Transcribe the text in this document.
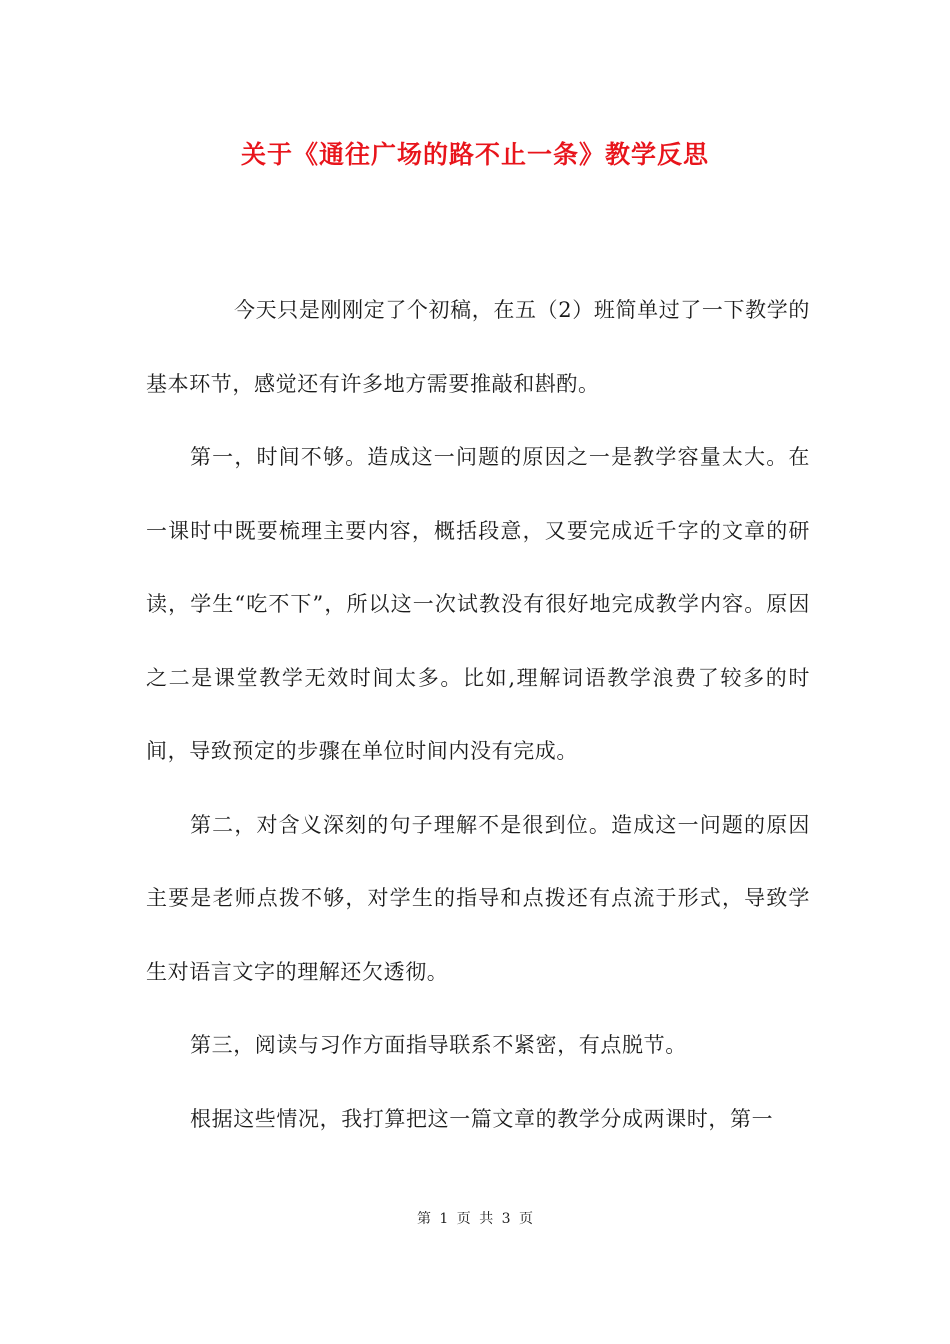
关于《通往广场的路不止一条》教学反思

今天只是刚刚定了个初稿，在五（2）班简单过了一下教学的基本环节，感觉还有许多地方需要推敲和斟酌。

第一，时间不够。造成这一问题的原因之一是教学容量太大。在一课时中既要梳理主要内容，概括段意，又要完成近千字的文章的研读，学生“吃不下”，所以这一次试教没有很好地完成教学内容。原因之二是课堂教学无效时间太多。比如,理解词语教学浪费了较多的时间，导致预定的步骤在单位时间内没有完成。

第二，对含义深刻的句子理解不是很到位。造成这一问题的原因主要是老师点拨不够，对学生的指导和点拨还有点流于形式，导致学生对语言文字的理解还欠透彻。

第三，阅读与习作方面指导联系不紧密，有点脱节。

根据这些情况，我打算把这一篇文章的教学分成两课时，第一

第 1 页 共 3 页
